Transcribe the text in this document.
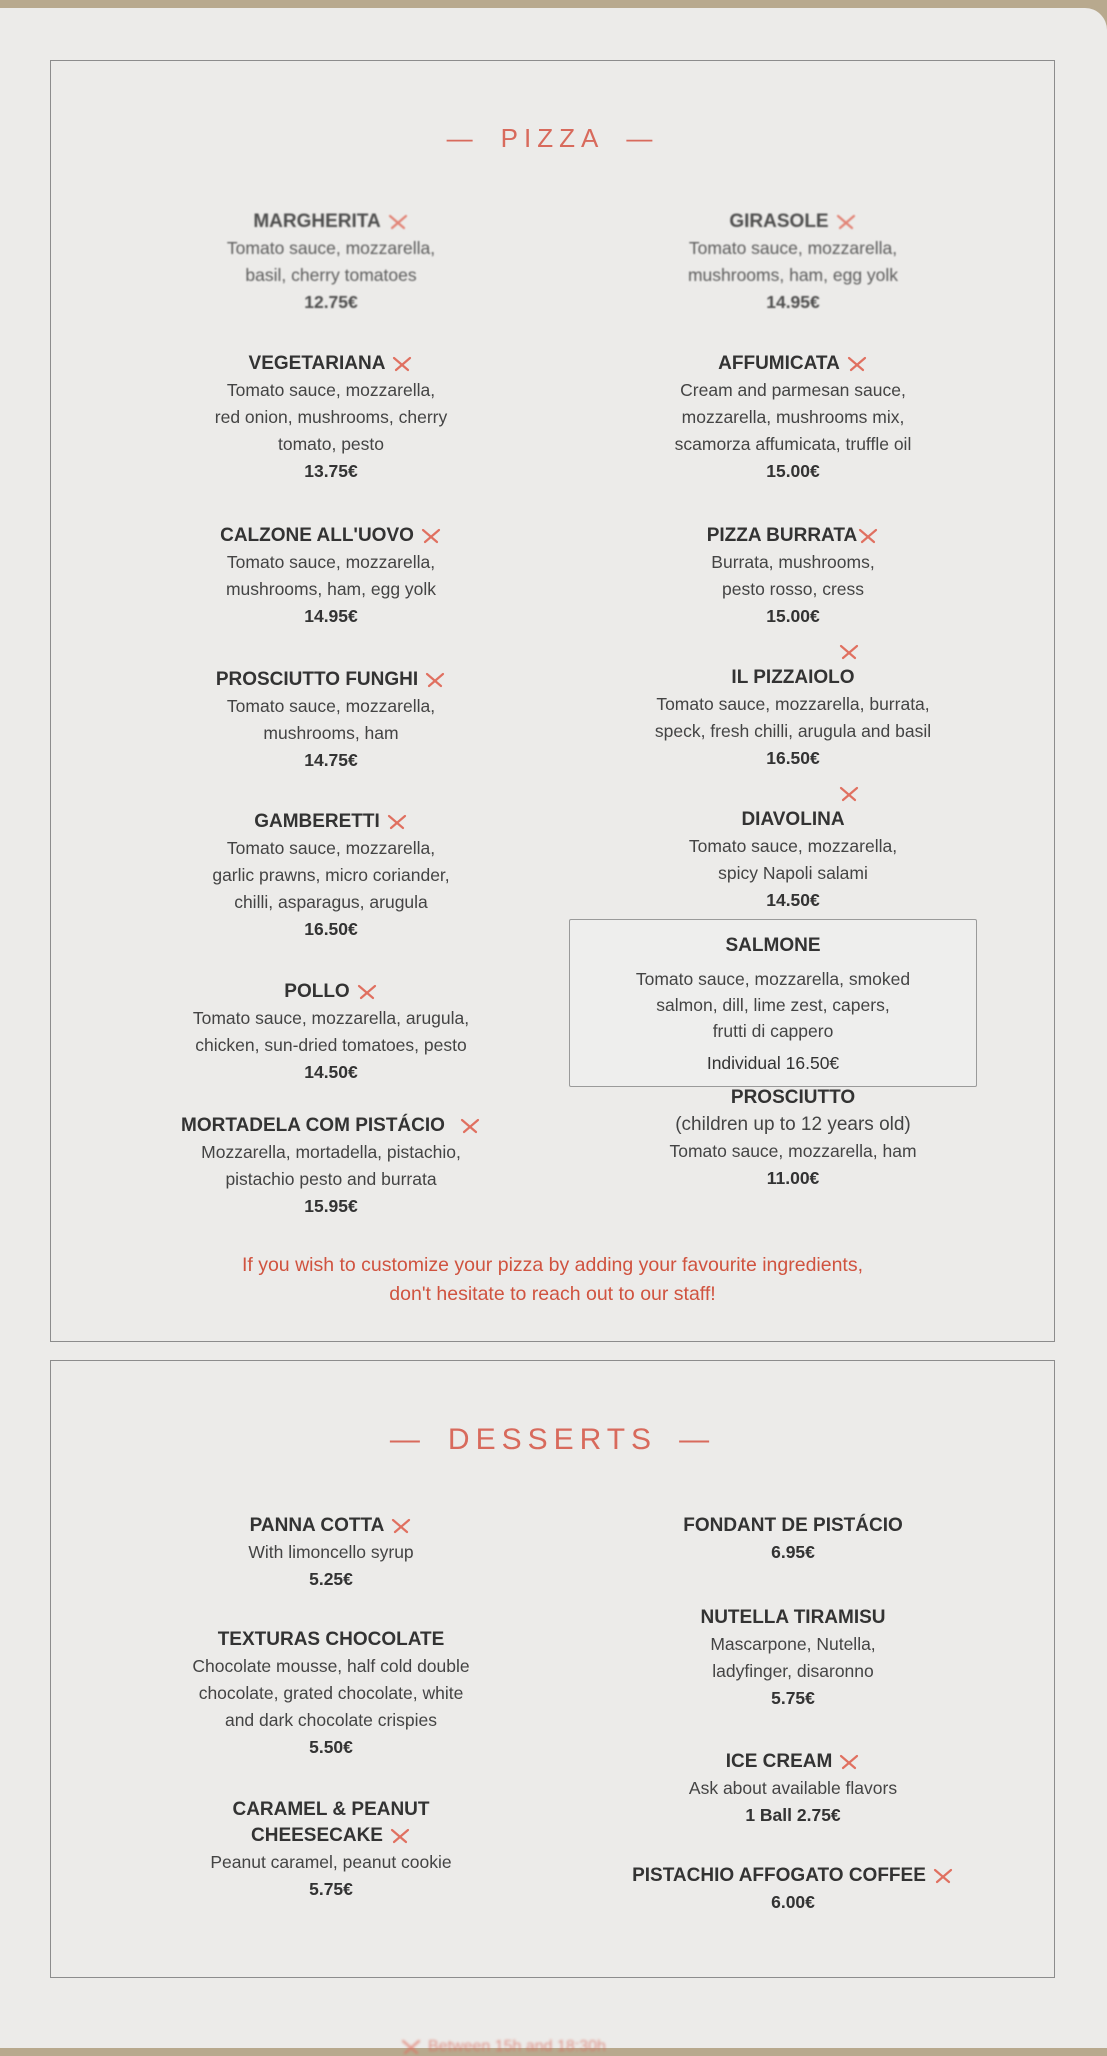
— PIZZA —
MARGHERITA
Tomato sauce, mozzarella,
basil, cherry tomatoes
12.75€
VEGETARIANA
Tomato sauce, mozzarella,
red onion, mushrooms, cherry
tomato, pesto
13.75€
CALZONE ALL'UOVO
Tomato sauce, mozzarella,
mushrooms, ham, egg yolk
14.95€
PROSCIUTTO FUNGHI
Tomato sauce, mozzarella,
mushrooms, ham
14.75€
GAMBERETTI
Tomato sauce, mozzarella,
garlic prawns, micro coriander,
chilli, asparagus, arugula
16.50€
POLLO
Tomato sauce, mozzarella, arugula,
chicken, sun-dried tomatoes, pesto
14.50€
MORTADELA COM PISTÁCIO
Mozzarella, mortadella, pistachio,
pistachio pesto and burrata
15.95€
GIRASOLE
Tomato sauce, mozzarella,
mushrooms, ham, egg yolk
14.95€
AFFUMICATA
Cream and parmesan sauce,
mozzarella, mushrooms mix,
scamorza affumicata, truffle oil
15.00€
PIZZA BURRATA
Burrata, mushrooms,
pesto rosso, cress
15.00€
IL PIZZAIOLO
Tomato sauce, mozzarella, burrata,
speck, fresh chilli, arugula and basil
16.50€
DIAVOLINA
Tomato sauce, mozzarella,
spicy Napoli salami
14.50€
PROSCIUTTO
(children up to 12 years old)
Tomato sauce, mozzarella, ham
11.00€
SALMONE
Tomato sauce, mozzarella, smoked
salmon, dill, lime zest, capers,
frutti di cappero
Individual 16.50€
If you wish to customize your pizza by adding your favourite ingredients,
don't hesitate to reach out to our staff!
— DESSERTS —
PANNA COTTA
With limoncello syrup
5.25€
TEXTURAS CHOCOLATE
Chocolate mousse, half cold double
chocolate, grated chocolate, white
and dark chocolate crispies
5.50€
CARAMEL & PEANUT
CHEESECAKE
Peanut caramel, peanut cookie
5.75€
FONDANT DE PISTÁCIO
6.95€
NUTELLA TIRAMISU
Mascarpone, Nutella,
ladyfinger, disaronno
5.75€
ICE CREAM
Ask about available flavors
1 Ball 2.75€
PISTACHIO AFFOGATO COFFEE
6.00€
Between 15h and 18:30h
